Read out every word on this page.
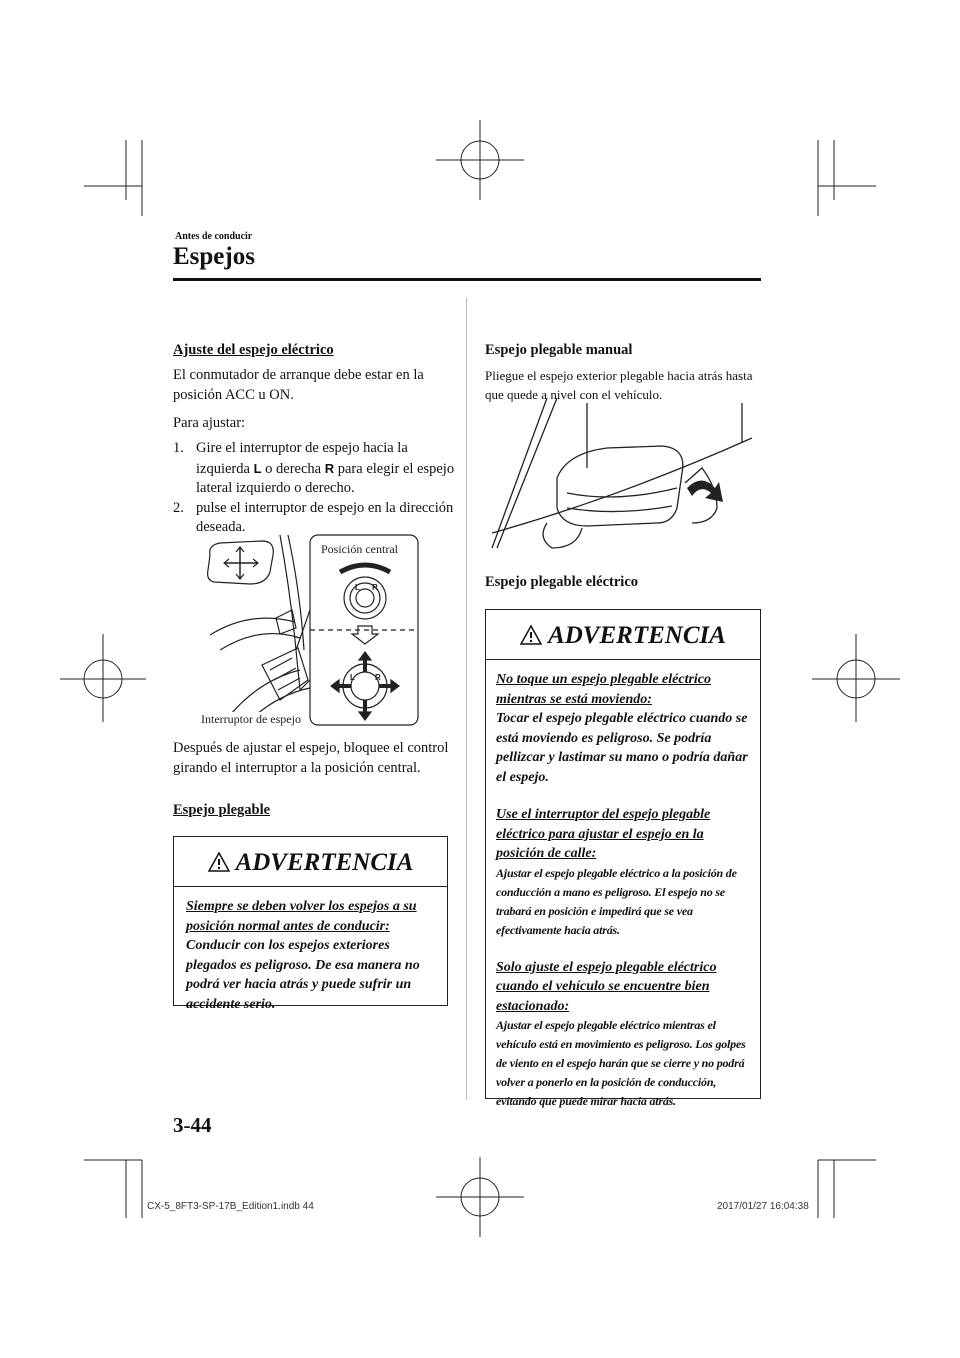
Antes de conducir
Espejos
Ajuste del espejo eléctrico
El conmutador de arranque debe estar en la posición ACC u ON.
Para ajustar:
1. Gire el interruptor de espejo hacia la izquierda L o derecha R para elegir el espejo lateral izquierdo o derecho.
2. pulse el interruptor de espejo en la dirección deseada.
L R
L	R
Posición central
Interruptor de espejo
Después de ajustar el espejo, bloquee el control girando el interruptor a la posición central.
Espejo plegable
ADVERTENCIA
Siempre se deben volver los espejos a su posición normal antes de conducir:
Conducir con los espejos exteriores plegados es peligroso. De esa manera no podrá ver hacia atrás y puede sufrir un accidente serio.
Espejo plegable manual
Pliegue el espejo exterior plegable hacia atrás hasta que quede a nivel con el vehículo.
Espejo plegable eléctrico
ADVERTENCIA
No toque un espejo plegable eléctrico mientras se está moviendo:
Tocar el espejo plegable eléctrico cuando se está moviendo es peligroso. Se podría pellizcar y lastimar su mano o podría dañar el espejo.
Use el interruptor del espejo plegable eléctrico para ajustar el espejo en la posición de calle:
Ajustar el espejo plegable eléctrico a la posición de conducción a mano es peligroso. El espejo no se trabará en posición e impedirá que se vea efectivamente hacia atrás.
Solo ajuste el espejo plegable eléctrico cuando el vehículo se encuentre bien estacionado:
Ajustar el espejo plegable eléctrico mientras el vehículo está en movimiento es peligroso. Los golpes de viento en el espejo harán que se cierre y no podrá volver a ponerlo en la posición de conducción, evitando que puede mirar hacia atrás.
3-44
CX-5_8FT3-SP-17B_Edition1.indb 44	2017/01/27 16:04:38
